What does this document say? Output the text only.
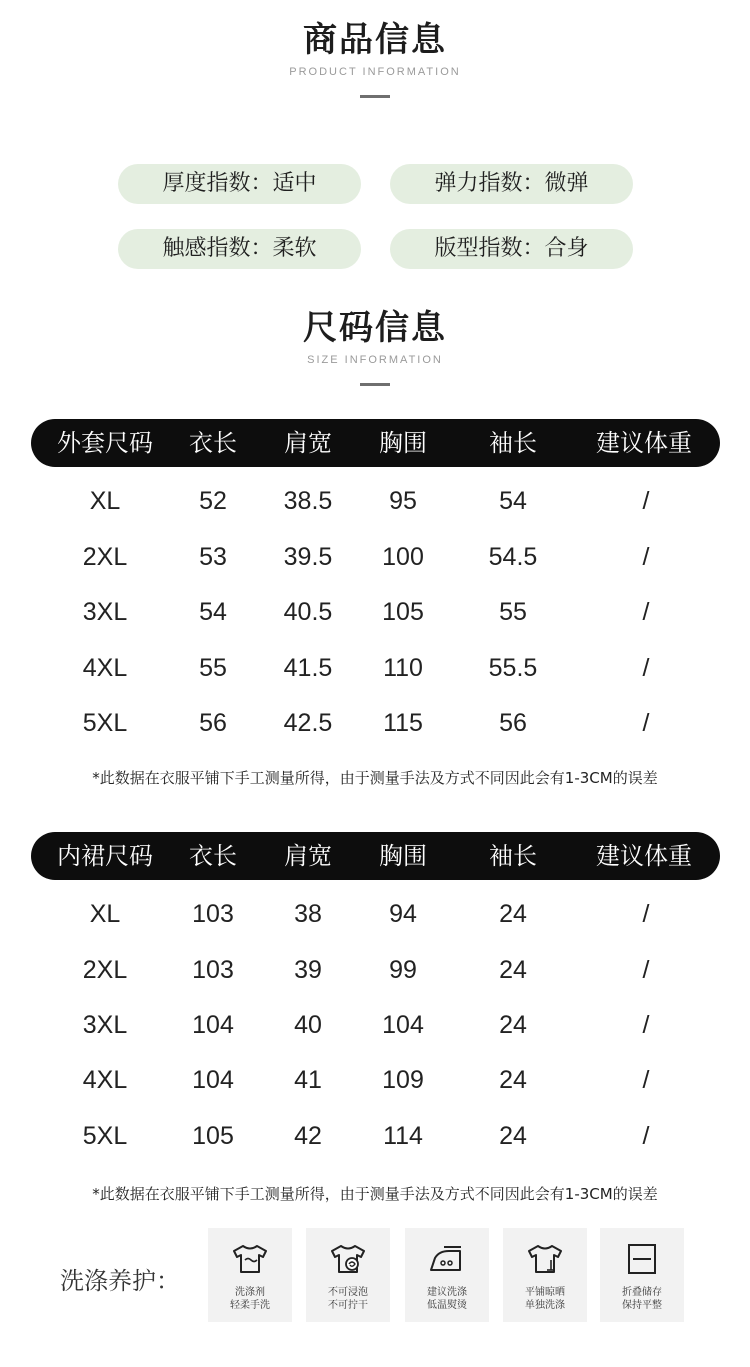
商品信息
PRODUCT INFORMATION
厚度指数：适中	弹力指数：微弹
触感指数：柔软	版型指数：合身
尺码信息
SIZE INFORMATION
外套尺码	衣长	肩宽	胸围	袖长	建议体重
XL	52	38.5	95	54	/
2XL	53	39.5	100	54.5	/
3XL	54	40.5	105	55	/
4XL	55	41.5	110	55.5	/
5XL	56	42.5	115	56	/
*此数据在衣服平铺下手工测量所得，由于测量手法及方式不同因此会有1-3CM的误差
内裙尺码	衣长	肩宽	胸围	袖长	建议体重
XL	103	38	94	24	/
2XL	103	39	99	24	/
3XL	104	40	104	24	/
4XL	104	41	109	24	/
5XL	105	42	114	24	/
*此数据在衣服平铺下手工测量所得，由于测量手法及方式不同因此会有1-3CM的误差
洗涤养护：	洗涤剂
轻柔手洗
不可浸泡
不可拧干
建议洗涤
低温熨烫
平铺晾晒
单独洗涤
折叠储存
保持平整
